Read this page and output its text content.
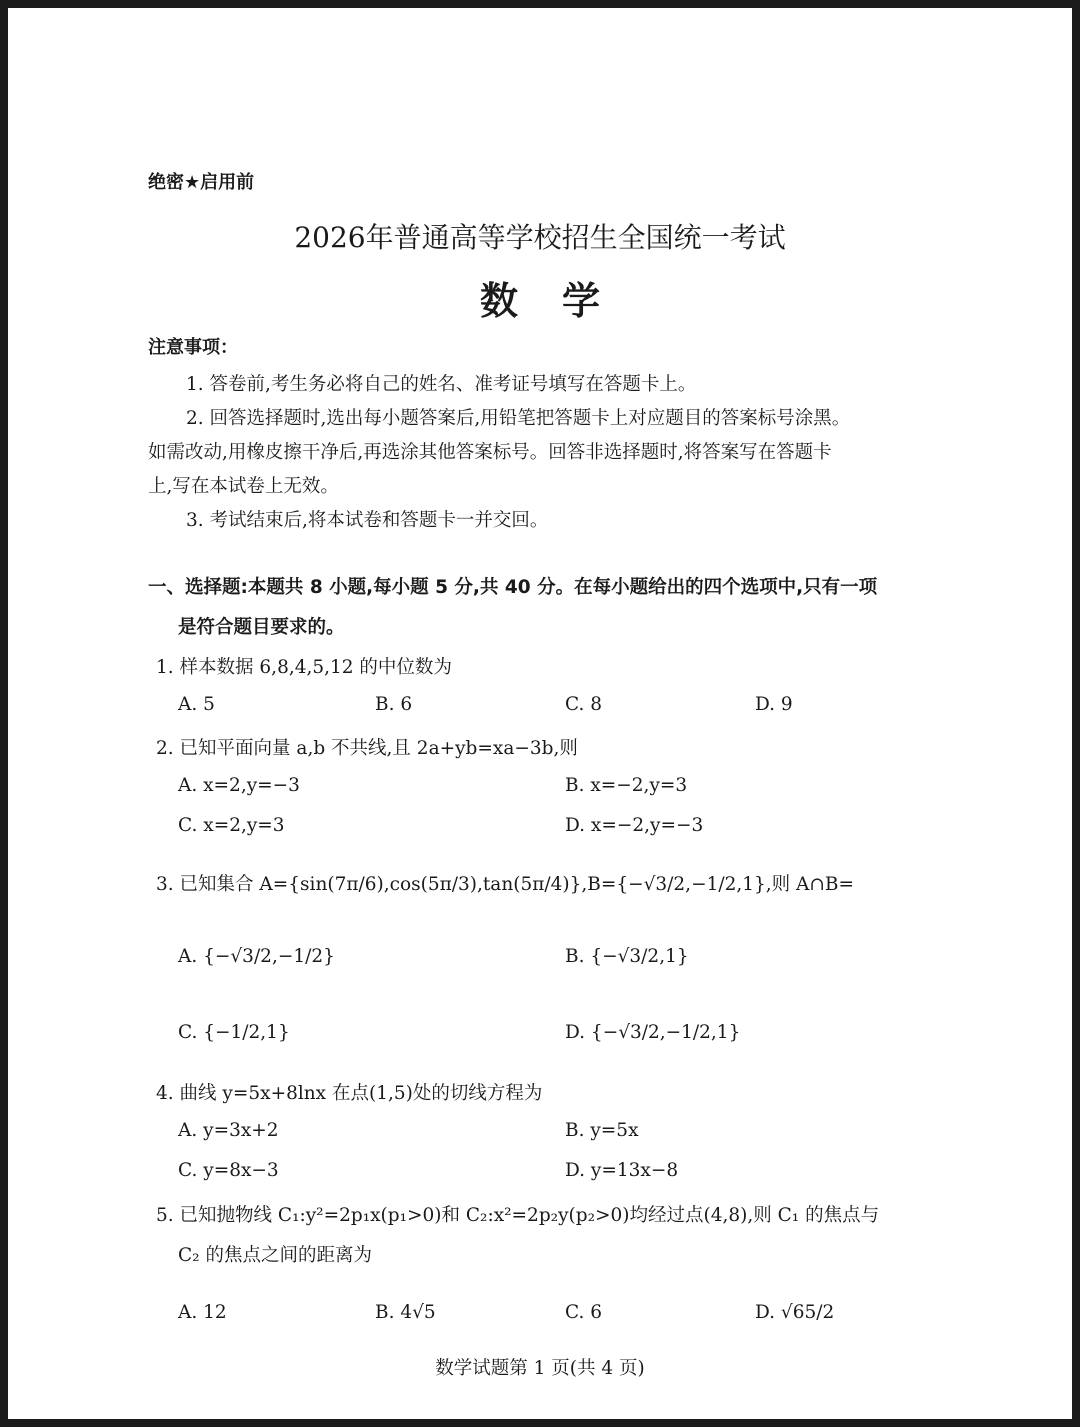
绝密★启用前
2026年普通高等学校招生全国统一考试
数学
注意事项：
1. 答卷前,考生务必将自己的姓名、准考证号填写在答题卡上。
2. 回答选择题时,选出每小题答案后,用铅笔把答题卡上对应题目的答案标号涂黑。
如需改动,用橡皮擦干净后,再选涂其他答案标号。回答非选择题时,将答案写在答题卡
上,写在本试卷上无效。
3. 考试结束后,将本试卷和答题卡一并交回。
一、选择题:本题共 8 小题,每小题 5 分,共 40 分。在每小题给出的四个选项中,只有一项
是符合题目要求的。
1. 样本数据 6,8,4,5,12 的中位数为
A. 5	B. 6	C. 8	D. 9
2. 已知平面向量 a,b 不共线,且 2a+yb=xa−3b,则
A. x=2,y=−3	B. x=−2,y=3
C. x=2,y=3	D. x=−2,y=−3
3. 已知集合 A={sin(7π/6),cos(5π/3),tan(5π/4)},B={−√3/2,−1/2,1},则 A∩B=
A. {−√3/2,−1/2}	B. {−√3/2,1}
C. {−1/2,1}	D. {−√3/2,−1/2,1}
4. 曲线 y=5x+8lnx 在点(1,5)处的切线方程为
A. y=3x+2	B. y=5x
C. y=8x−3	D. y=13x−8
5. 已知抛物线 C₁:y²=2p₁x(p₁>0)和 C₂:x²=2p₂y(p₂>0)均经过点(4,8),则 C₁ 的焦点与
C₂ 的焦点之间的距离为
A. 12	B. 4√5	C. 6	D. √65/2
数学试题第 1 页(共 4 页)
